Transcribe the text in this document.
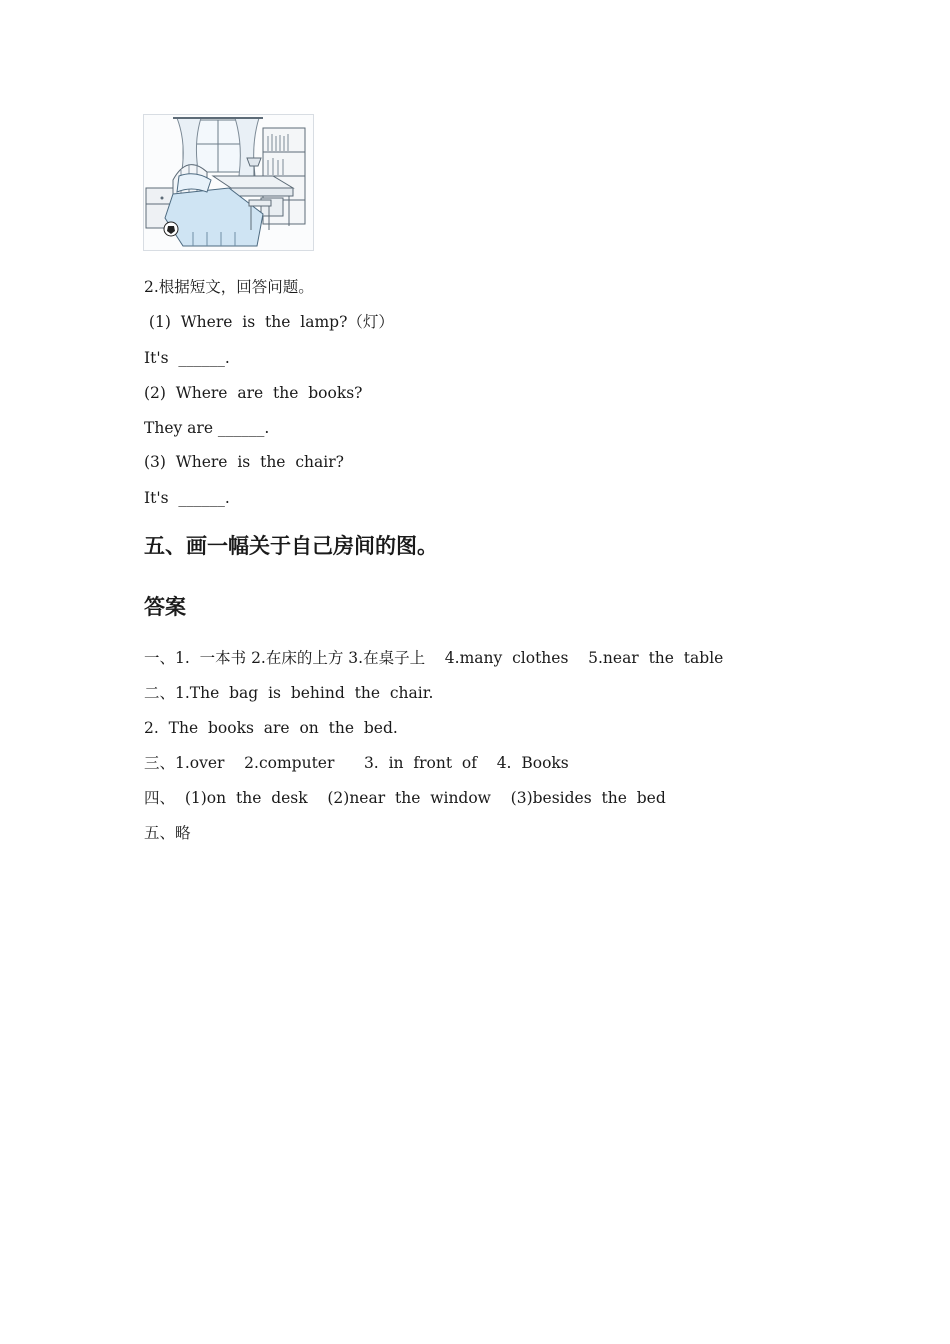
2.根据短文，回答问题。
(1)  Where  is  the  lamp?（灯）
It's  ______.
(2)  Where  are  the  books?
They are ______.
(3)  Where  is  the  chair?
It's  ______.
五、画一幅关于自己房间的图。
答案
一、1.  一本书 2.在床的上方 3.在桌子上    4.many  clothes    5.near  the  table
二、1.The  bag  is  behind  the  chair.
2.  The  books  are  on  the  bed.
三、1.over    2.computer      3.  in  front  of    4.  Books
四、  (1)on  the  desk    (2)near  the  window    (3)besides  the  bed
五、略
